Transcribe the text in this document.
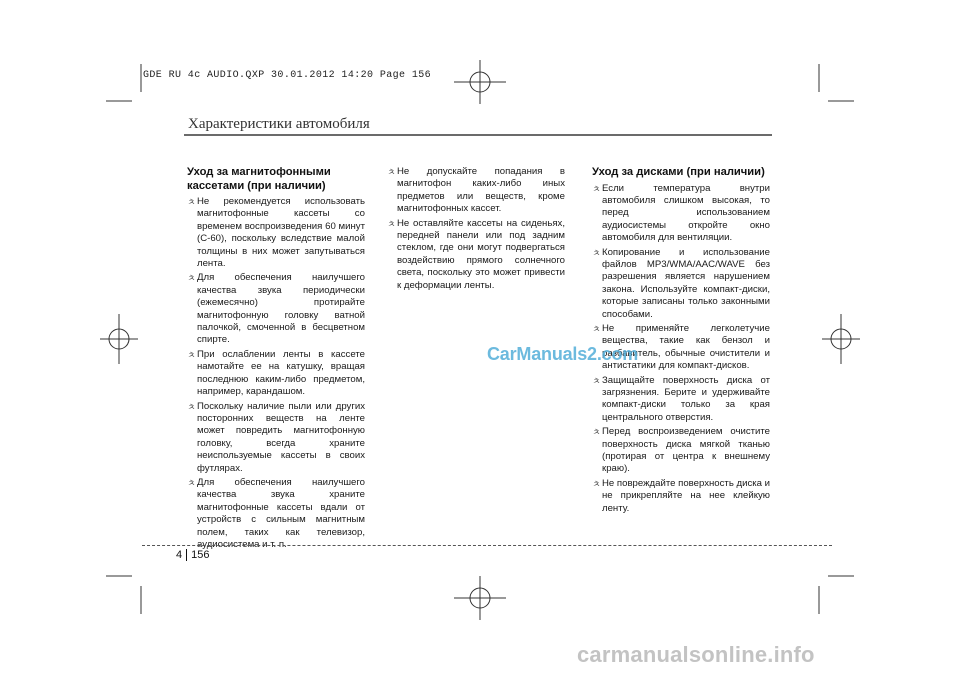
GDE RU 4c AUDIO.QXP 30.01.2012 14:20 Page 156
Характеристики автомобиля
Уход за магнитофонными кассетами (при наличии)
ㅊ Не рекомендуется использовать магнитофонные кассеты со временем воспроизведения 60 минут (С-60), поскольку вследствие малой толщины в них может запутываться лента.
ㅊ Для обеспечения наилучшего качества звука периодически (ежемесячно) протирайте магнитофонную головку ватной палочкой, смоченной в бесцветном спирте.
ㅊ При ослаблении ленты в кассете намотайте ее на катушку, вращая последнюю каким-либо предметом, например, карандашом.
ㅊ Поскольку наличие пыли или других посторонних веществ на ленте может повредить магнитофонную головку, всегда храните неиспользуемые кассеты в своих футлярах.
ㅊ Для обеспечения наилучшего качества звука храните магнитофонные кассеты вдали от устройств с сильным магнитным полем, таких как телевизор, аудиосистема и т. п.
ㅊ Не допускайте попадания в магнитофон каких-либо иных предметов или веществ, кроме магнитофонных кассет.
ㅊ Не оставляйте кассеты на сиденьях, передней панели или под задним стеклом, где они могут подвергаться воздействию прямого солнечного света, поскольку это может привести к деформации ленты.
Уход за дисками (при наличии)
ㅊ Если температура внутри автомобиля слишком высокая, то перед использованием аудиосистемы откройте окно автомобиля для вентиляции.
ㅊ Копирование и использование файлов MP3/WMA/AAC/WAVE без разрешения является нарушением закона. Используйте компакт-диски, которые записаны только законными способами.
ㅊ Не применяйте легколетучие вещества, такие как бензол и разбавитель, обычные очистители и антистатики для компакт-дисков.
ㅊ Защищайте поверхность диска от загрязнения. Берите и удерживайте компакт-диски только за края центрального отверстия.
ㅊ Перед воспроизведением очистите поверхность диска мягкой тканью (протирая от центра к внешнему краю).
ㅊ Не повреждайте поверхность диска и не прикрепляйте на нее клейкую ленту.
CarManuals2.com
4 156
carmanualsonline.info
